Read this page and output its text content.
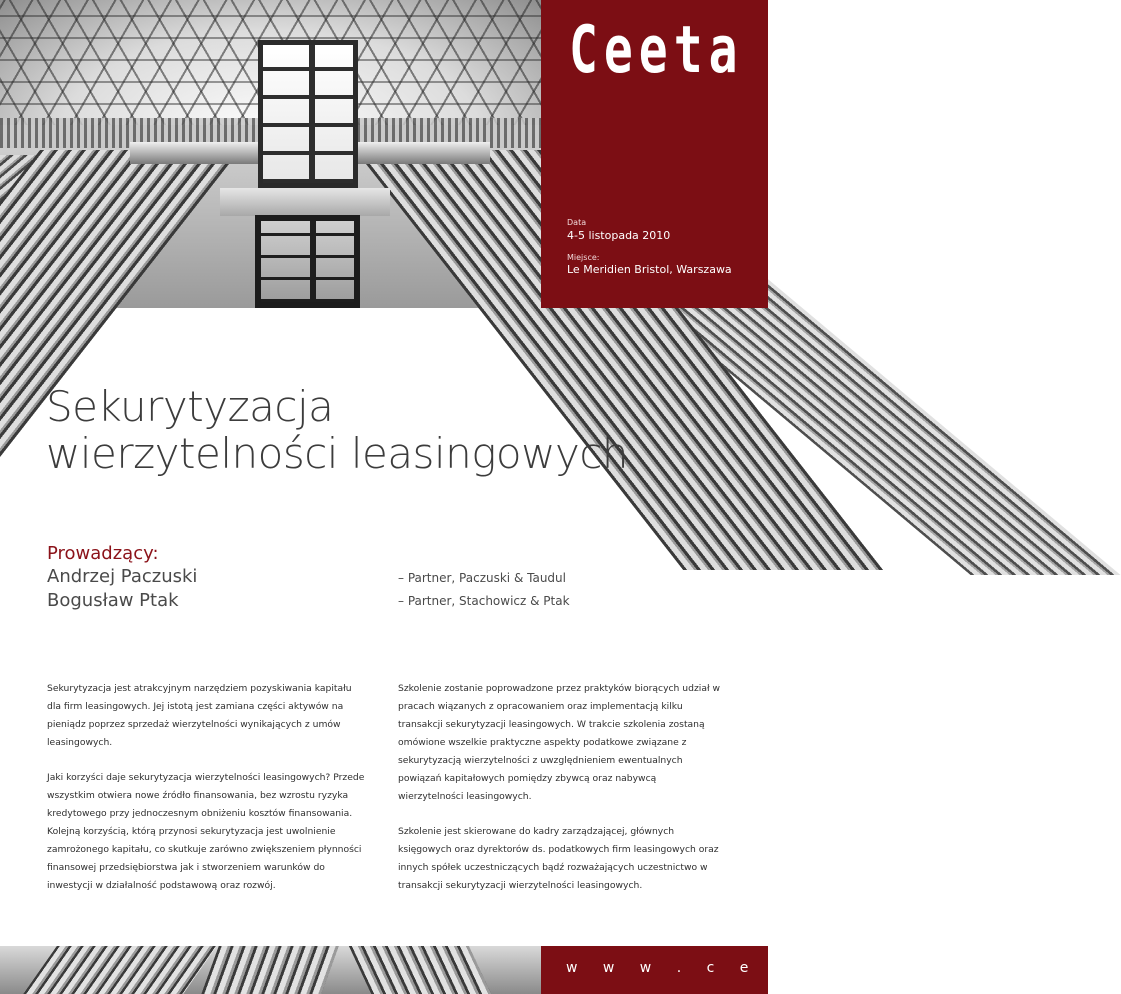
Ceeta
Data
4-5 listopada 2010
Miejsce:
Le Meridien Bristol, Warszawa
Sekurytyzacja
wierzytelności leasingowych
Prowadzący:
Andrzej Paczuski	– Partner, Paczuski & Taudul
Bogusław Ptak	– Partner, Stachowicz & Ptak

Sekurytyzacja jest atrakcyjnym narzędziem pozyskiwania kapitału dla firm leasingowych. Jej istotą jest zamiana części aktywów na pieniądz poprzez sprzedaż wierzytelności wynikających z umów leasingowych.

Jaki korzyści daje sekurytyzacja wierzytelności leasingowych? Przede wszystkim otwiera nowe źródło finansowania, bez wzrostu ryzyka kredytowego przy jednoczesnym obniżeniu kosztów finansowania. Kolejną korzyścią, którą przynosi sekurytyzacja jest uwolnienie zamrożonego kapitału, co skutkuje zarówno zwiększeniem płynności finansowej przedsiębiorstwa jak i stworzeniem warunków do inwestycji w działalność podstawową oraz rozwój.

Szkolenie zostanie poprowadzone przez praktyków biorących udział w pracach wiązanych z opracowaniem oraz implementacją kilku transakcji sekurytyzacji leasingowych. W trakcie szkolenia zostaną omówione wszelkie praktyczne aspekty podatkowe związane z sekurytyzacją wierzytelności z uwzględnieniem ewentualnych powiązań kapitałowych pomiędzy zbywcą oraz nabywcą wierzytelności leasingowych.

Szkolenie jest skierowane do kadry zarządzającej, głównych księgowych oraz dyrektorów ds. podatkowych firm leasingowych oraz innych spółek uczestniczących bądź rozważających uczestnictwo w transakcji sekurytyzacji wierzytelności leasingowych.

w w w . c e e t a . p l
